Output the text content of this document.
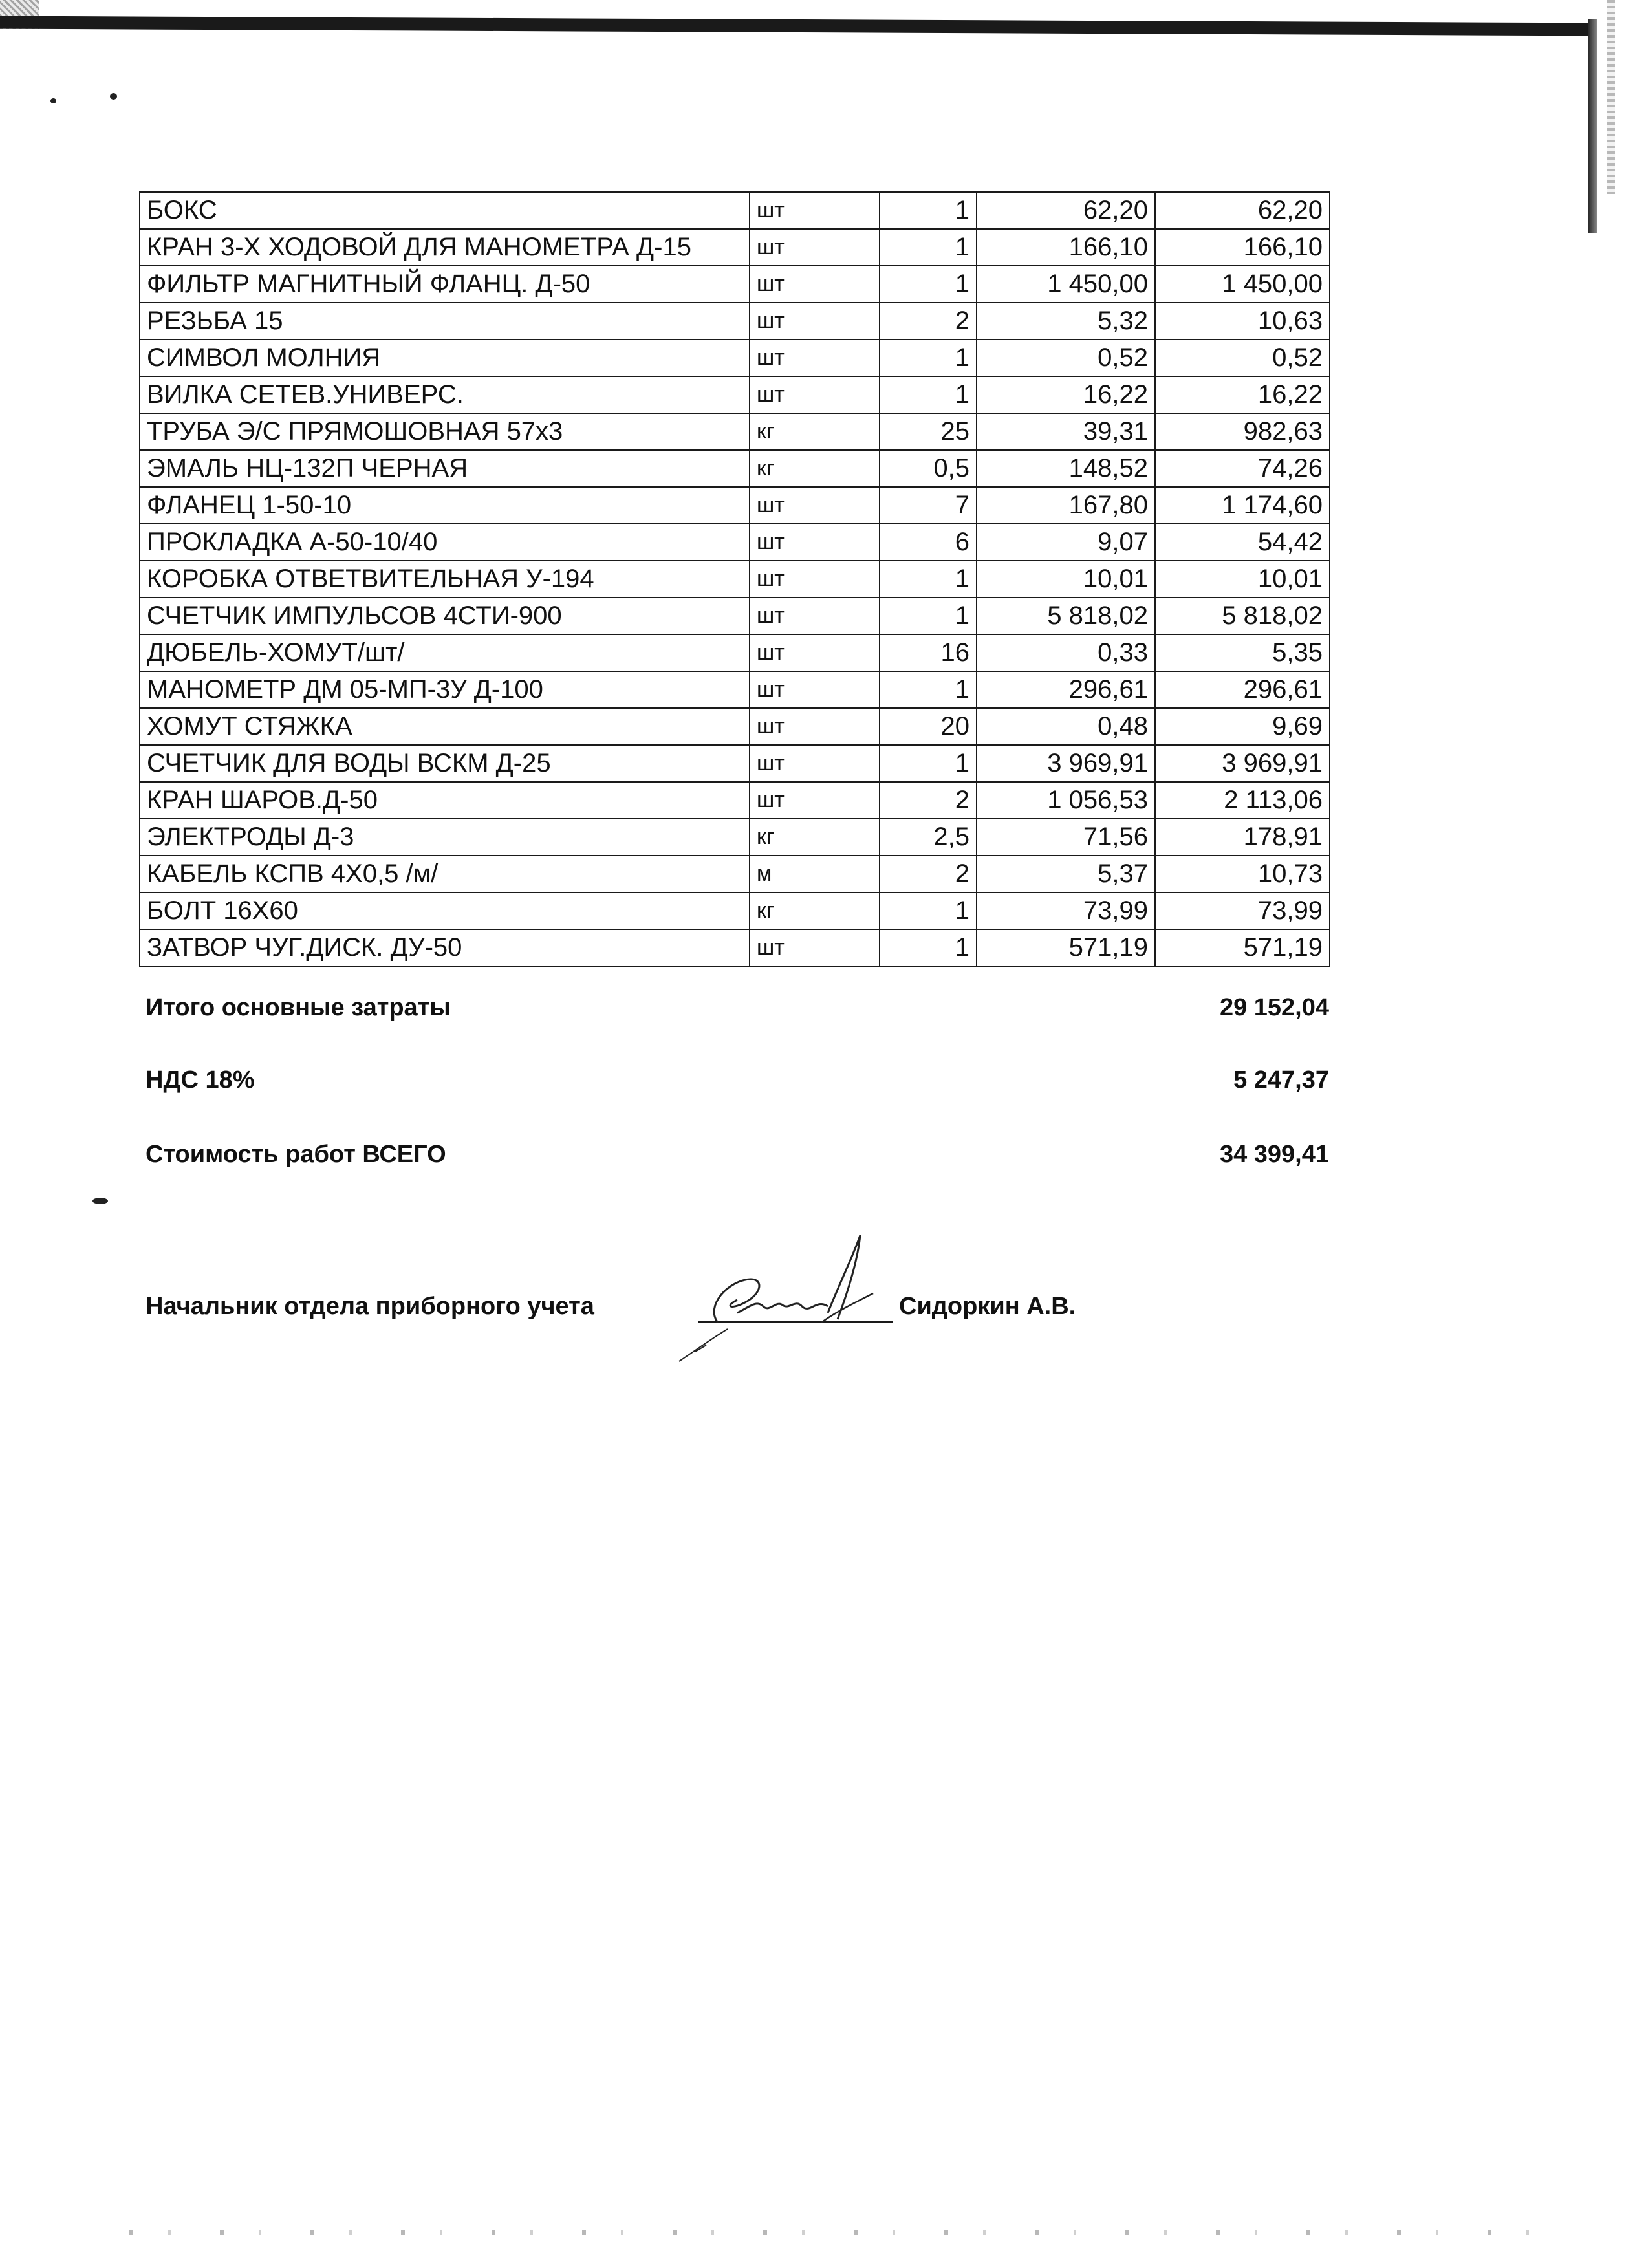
БОКС	шт	1	62,20	62,20
КРАН 3-Х ХОДОВОЙ ДЛЯ МАНОМЕТРА Д-15	шт	1	166,10	166,10
ФИЛЬТР МАГНИТНЫЙ ФЛАНЦ. Д-50	шт	1	1 450,00	1 450,00
РЕЗЬБА 15	шт	2	5,32	10,63
СИМВОЛ МОЛНИЯ	шт	1	0,52	0,52
ВИЛКА СЕТЕВ.УНИВЕРС.	шт	1	16,22	16,22
ТРУБА Э/С ПРЯМОШОВНАЯ 57х3	кг	25	39,31	982,63
ЭМАЛЬ НЦ-132П ЧЕРНАЯ	кг	0,5	148,52	74,26
ФЛАНЕЦ 1-50-10	шт	7	167,80	1 174,60
ПРОКЛАДКА А-50-10/40	шт	6	9,07	54,42
КОРОБКА ОТВЕТВИТЕЛЬНАЯ У-194	шт	1	10,01	10,01
СЧЕТЧИК ИМПУЛЬСОВ 4СТИ-900	шт	1	5 818,02	5 818,02
ДЮБЕЛЬ-ХОМУТ/шт/	шт	16	0,33	5,35
МАНОМЕТР ДМ 05-МП-3У Д-100	шт	1	296,61	296,61
ХОМУТ СТЯЖКА	шт	20	0,48	9,69
СЧЕТЧИК ДЛЯ ВОДЫ ВСКМ Д-25	шт	1	3 969,91	3 969,91
КРАН ШАРОВ.Д-50	шт	2	1 056,53	2 113,06
ЭЛЕКТРОДЫ Д-3	кг	2,5	71,56	178,91
КАБЕЛЬ КСПВ 4Х0,5 /м/	м	2	5,37	10,73
БОЛТ 16Х60	кг	1	73,99	73,99
ЗАТВОР ЧУГ.ДИСК. ДУ-50	шт	1	571,19	571,19
Итого основные затраты	29 152,04
НДС 18%	5 247,37
Стоимость работ ВСЕГО	34 399,41
Начальник отдела приборного учета	Сидоркин А.В.
